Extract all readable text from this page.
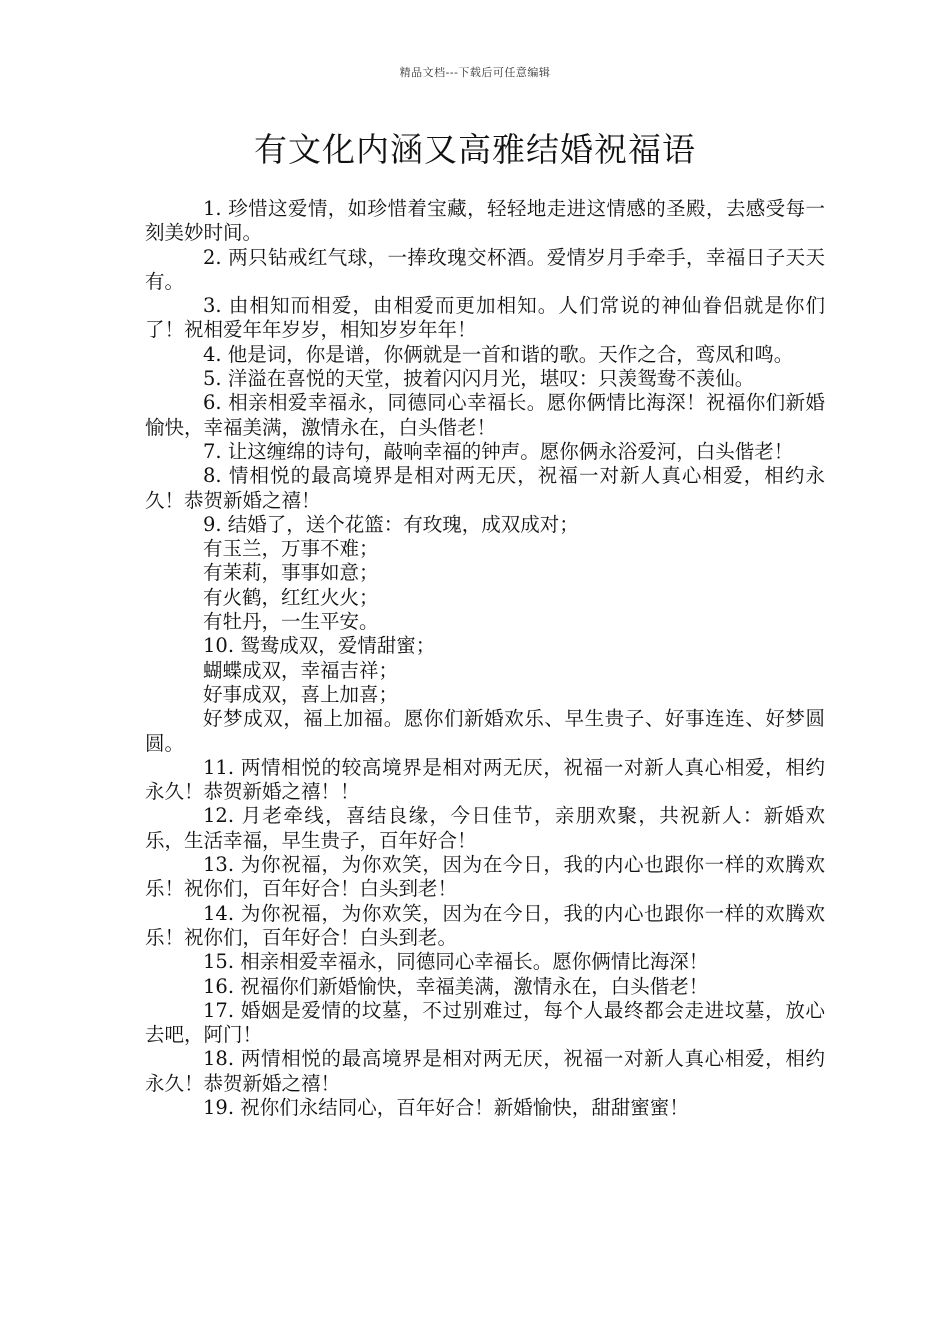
精品文档---下载后可任意编辑
有文化内涵又高雅结婚祝福语

1. 珍惜这爱情，如珍惜着宝藏，轻轻地走进这情感的圣殿，去感受每一刻美妙时间。

2. 两只钻戒红气球，一捧玫瑰交杯酒。爱情岁月手牵手，幸福日子天天有。

3. 由相知而相爱，由相爱而更加相知。人们常说的神仙眷侣就是你们了！祝相爱年年岁岁，相知岁岁年年！

4. 他是词，你是谱，你俩就是一首和谐的歌。天作之合，鸾凤和鸣。

5. 洋溢在喜悦的天堂，披着闪闪月光，堪叹：只羡鸳鸯不羡仙。

6. 相亲相爱幸福永，同德同心幸福长。愿你俩情比海深！祝福你们新婚愉快，幸福美满，激情永在，白头偕老！

7. 让这缠绵的诗句，敲响幸福的钟声。愿你俩永浴爱河，白头偕老！

8. 情相悦的最高境界是相对两无厌，祝福一对新人真心相爱，相约永久！恭贺新婚之禧！

9. 结婚了，送个花篮：有玫瑰，成双成对；

有玉兰，万事不难；

有茉莉，事事如意；

有火鹤，红红火火；

有牡丹，一生平安。

10. 鸳鸯成双，爱情甜蜜；

蝴蝶成双，幸福吉祥；

好事成双，喜上加喜；

好梦成双，福上加福。愿你们新婚欢乐、早生贵子、好事连连、好梦圆圆。

11. 两情相悦的较高境界是相对两无厌，祝福一对新人真心相爱，相约永久！恭贺新婚之禧！！

12. 月老牵线，喜结良缘，今日佳节，亲朋欢聚，共祝新人：新婚欢乐，生活幸福，早生贵子，百年好合！

13. 为你祝福，为你欢笑，因为在今日，我的内心也跟你一样的欢腾欢乐！祝你们，百年好合！白头到老！

14. 为你祝福，为你欢笑，因为在今日，我的内心也跟你一样的欢腾欢乐！祝你们，百年好合！白头到老。

15. 相亲相爱幸福永，同德同心幸福长。愿你俩情比海深！

16. 祝福你们新婚愉快，幸福美满，激情永在，白头偕老！

17. 婚姻是爱情的坟墓，不过别难过，每个人最终都会走进坟墓，放心去吧，阿门！

18. 两情相悦的最高境界是相对两无厌，祝福一对新人真心相爱，相约永久！恭贺新婚之禧！

19. 祝你们永结同心，百年好合！新婚愉快，甜甜蜜蜜！
